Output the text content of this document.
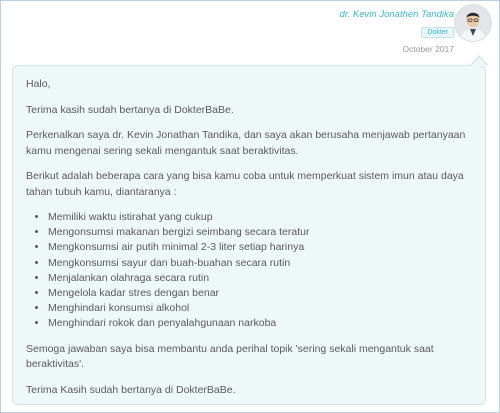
dr. Kevin Jonathen Tandika
Dokter
October 2017

Halo,

Terima kasih sudah bertanya di DokterBaBe.

Perkenalkan saya dr. Kevin Jonathan Tandika, dan saya akan berusaha menjawab pertanyaan kamu mengenai sering sekali mengantuk saat beraktivitas.

Berikut adalah beberapa cara yang bisa kamu coba untuk memperkuat sistem imun atau daya tahan tubuh kamu, diantaranya :

• Memiliki waktu istirahat yang cukup
• Mengonsumsi makanan bergizi seimbang secara teratur
• Mengkonsumsi air putih minimal 2-3 liter setiap harinya
• Mengkonsumsi sayur dan buah-buahan secara rutin
• Menjalankan olahraga secara rutin
• Mengelola kadar stres dengan benar
• Menghindari konsumsi alkohol
• Menghindari rokok dan penyalahgunaan narkoba

Semoga jawaban saya bisa membantu anda perihal topik 'sering sekali mengantuk saat beraktivitas'.

Terima Kasih sudah bertanya di DokterBaBe.
